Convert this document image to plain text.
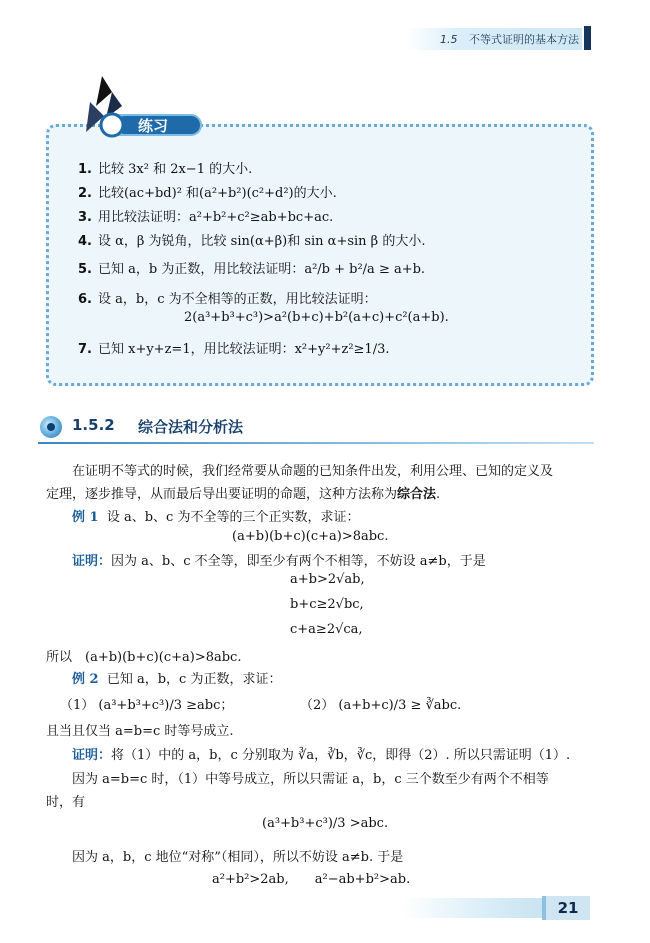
1.5 不等式证明的基本方法
练习
1. 比较 3x² 和 2x−1 的大小.
2. 比较(ac+bd)² 和(a²+b²)(c²+d²)的大小.
3. 用比较法证明：a²+b²+c²≥ab+bc+ac.
4. 设 α，β 为锐角，比较 sin(α+β)和 sin α+sin β 的大小.
5. 已知 a，b 为正数，用比较法证明：a²/b + b²/a ≥ a+b.
6. 设 a，b，c 为不全相等的正数，用比较法证明：
2(a³+b³+c³)>a²(b+c)+b²(a+c)+c²(a+b).
7. 已知 x+y+z=1，用比较法证明：x²+y²+z²≥1/3.
1.5.2 综合法和分析法
在证明不等式的时候，我们经常要从命题的已知条件出发，利用公理、已知的定义及
定理，逐步推导，从而最后导出要证明的命题，这种方法称为综合法.
例 1 设 a、b、c 为不全等的三个正实数，求证：
(a+b)(b+c)(c+a)>8abc.
证明：因为 a、b、c 不全等，即至少有两个不相等，不妨设 a≠b，于是
a+b>2√ab,
b+c≥2√bc,
c+a≥2√ca,
所以　(a+b)(b+c)(c+a)>8abc.
例 2 已知 a，b，c 为正数，求证：
（1） (a³+b³+c³)/3 ≥abc；	（2） (a+b+c)/3 ≥ ∛abc.
且当且仅当 a=b=c 时等号成立.
证明：将（1）中的 a，b，c 分别取为 ∛a，∛b，∛c，即得（2）. 所以只需证明（1）.
因为 a=b=c 时，（1）中等号成立，所以只需证 a，b，c 三个数至少有两个不相等
时，有
(a³+b³+c³)/3 >abc.
因为 a，b，c 地位“对称”（相同），所以不妨设 a≠b. 于是
a²+b²>2ab,　　a²−ab+b²>ab.
21
